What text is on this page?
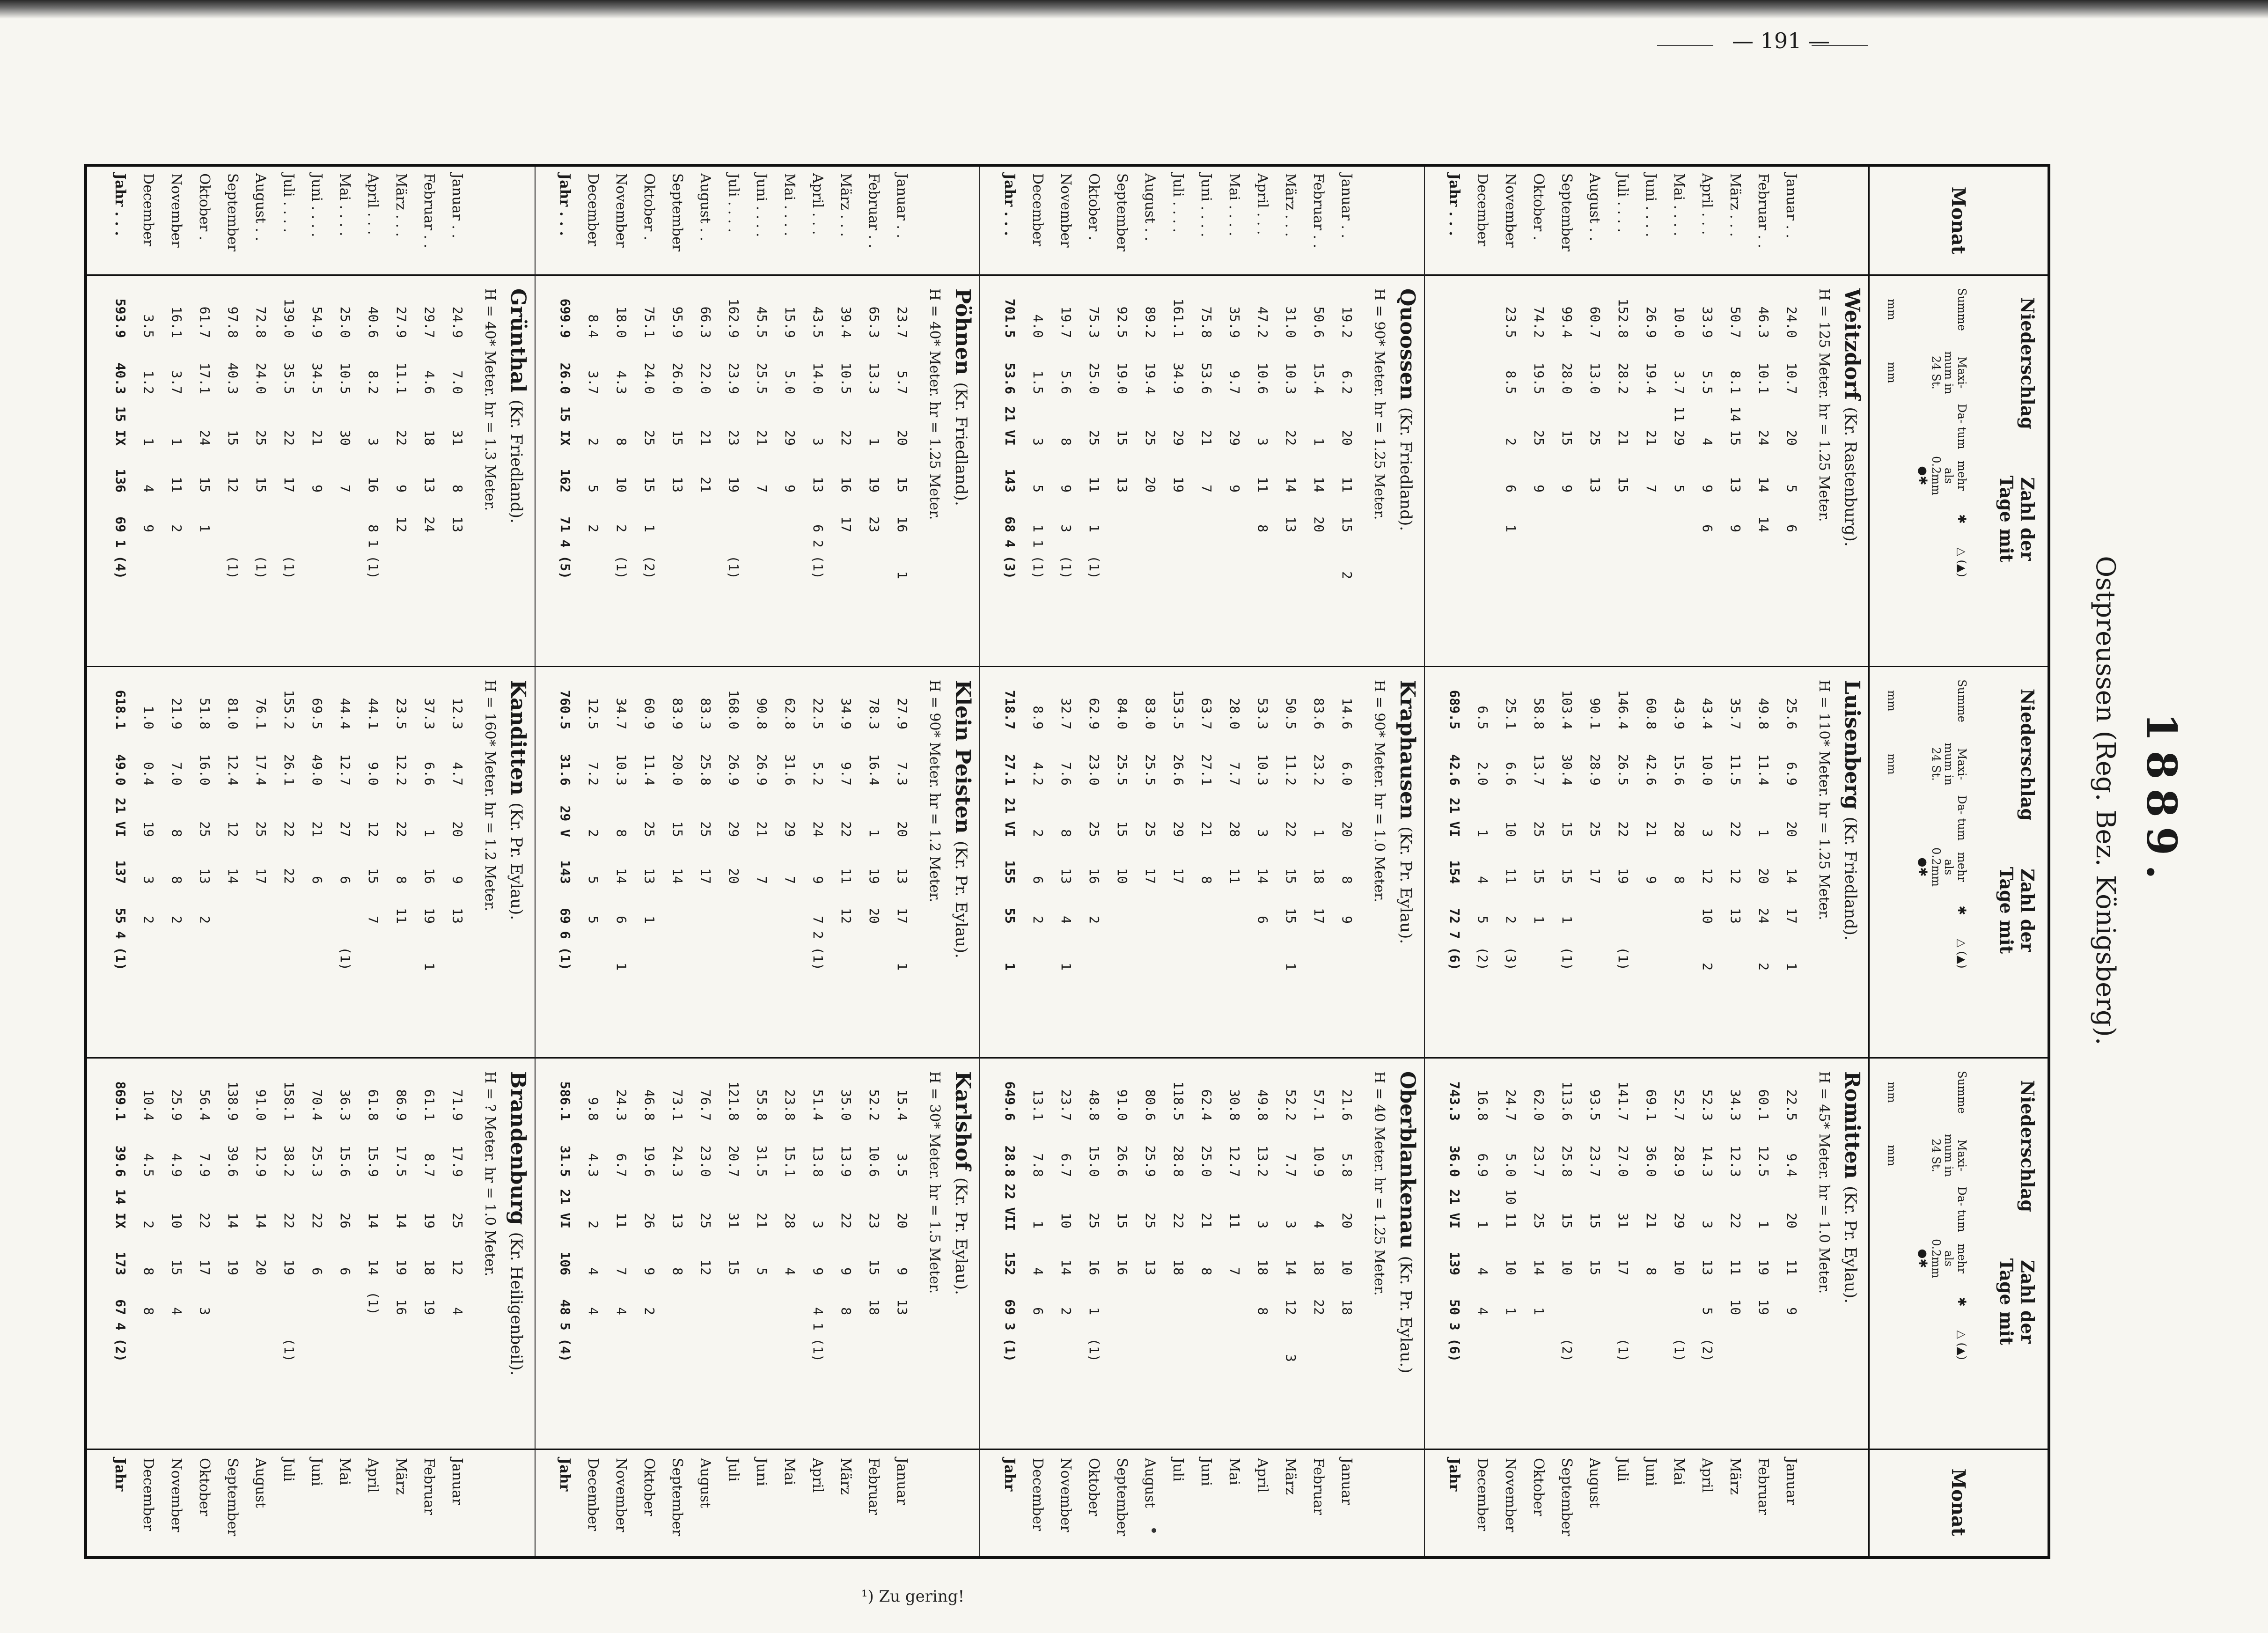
— 191 —
¹) Zu gering!
1889.
Ostpreussen (Reg. Bez. Königsberg).
Monat
Monat
Niederschlag
Zahl der Tage mit
Summe
mm
Maxi- mum in 24 St.
mm
Da- tum
mehr als 0.2mm ●✱
✱
△ (▲)
Niederschlag
Zahl der Tage mit
Summe
mm
Maxi- mum in 24 St.
mm
Da- tum
mehr als 0.2mm ●✱
✱
△ (▲)
Niederschlag
Zahl der Tage mit
Summe
mm
Maxi- mum in 24 St.
mm
Da- tum
mehr als 0.2mm ●✱
✱
△ (▲)
Januar . .
Januar
Februar . .
Februar
März . . .
März
April . . .
April
Mai . . . .
Mai
Juni . . . .
Juni
Juli . . . .
Juli
August . .
August
September
September
Oktober .
Oktober
November
November
December
December
Jahr . . .
Jahr
Januar . .
Januar
Februar . .
Februar
März . . .
März
April . . .
April
Mai . . . .
Mai
Juni . . . .
Juni
Juli . . . .
Juli
August . .
August
September
September
Oktober .
Oktober
November
November
December
December
Jahr . . .
Jahr
Januar . .
Januar
Februar . .
Februar
März . . .
März
April . . .
April
Mai . . . .
Mai
Juni . . . .
Juni
Juli . . . .
Juli
August . .
August
September
September
Oktober .
Oktober
November
November
December
December
Jahr . . .
Jahr
Januar . .
Januar
Februar . .
Februar
März . . .
März
April . . .
April
Mai . . . .
Mai
Juni . . . .
Juni
Juli . . . .
Juli
August . .
August
September
September
Oktober .
Oktober
November
November
December
December
Jahr . . .
Jahr
Weitzdorf (Kr. Rastenburg).
H = 125 Meter. hr = 1.25 Meter.
24.0
10.7
20
5
6
46.3
10.1
24
14
14
50.7
8.1
14 15
13
9
33.9
5.5
4
9
6
10.0
3.7
11 29
5
26.9
19.4
21
7
152.8
28.2
21
15
60.7
13.0
25
13
99.4
28.0
15
9
74.2
19.5
25
9
23.5
8.5
2
6
1
Luisenberg (Kr. Friedland).
H = 110* Meter. hr = 1.25 Meter.
25.6
6.9
20
14
17
1
49.8
11.4
1
20
24
2
35.7
11.5
22
12
13
43.4
10.0
3
12
10
2
43.9
15.6
28
8
60.8
42.6
21
9
146.4
26.5
22
19
(1)
90.1
28.9
25
17
103.4
30.4
15
15
1
(1)
58.8
13.7
25
15
1
25.1
6.6
10
11
2
(3)
6.5
2.0
1
4
5
(2)
689.5
42.6
21 VI
154
72
7 (6)
Romitten (Kr. Pr. Eylau).
H = 45* Meter. hr = 1.0 Meter.
22.5
9.4
20
11
9
60.1
12.5
1
19
19
34.3
12.3
22
11
10
52.3
14.3
3
13
5
(2)
52.7
28.9
29
10
(1)
69.1
36.0
21
8
141.7
27.0
31
17
(1)
93.5
23.7
15
15
113.6
25.8
15
10
(2)
62.0
23.7
25
14
1
24.7
5.0
10 11
10
1
16.8
6.9
1
4
4
743.3
36.0
21 VI
139
50
3 (6)
Quoossen (Kr. Friedland).
H = 90* Meter. hr = 1.25 Meter.
19.2
6.2
20
11
15
2
50.6
15.4
1
14
20
31.0
10.3
22
14
13
47.2
10.6
3
11
8
35.9
9.7
29
9
75.8
53.6
21
7
161.1
34.9
29
19
89.2
19.4
25
20
92.5
19.0
15
13
75.3
25.0
25
11
1
(1)
19.7
5.6
8
9
3
(1)
4.0
1.5
3
5
1
1 (1)
701.5
53.6
21 VI
143
68
4 (3)
Kraphausen (Kr. Pr. Eylau).
H = 90* Meter. hr = 1.0 Meter.
14.6
6.0
20
8
9
83.6
23.2
1
18
17
50.5
11.2
22
15
15
1
53.3
10.3
3
14
6
28.0
7.7
28
11
63.7
27.1
21
8
153.5
26.6
29
17
83.0
25.5
25
17
84.0
25.5
15
10
62.9
23.0
25
16
2
32.7
7.6
8
13
4
1
8.9
4.2
2
6
2
718.7
27.1
21 VI
155
55
1
Oberblankenau (Kr. Pr. Eylau.)
H = 40 Meter. hr = 1.25 Meter.
21.6
5.8
20
10
18
57.1
10.9
4
18
22
52.2
7.7
3
14
12
3
49.8
13.2
3
18
8
30.8
12.7
11
7
62.4
25.0
21
8
118.5
28.8
22
18
80.6
25.9
25
13
91.0
26.6
15
16
48.8
15.0
25
16
1
(1)
23.7
6.7
10
14
2
13.1
7.8
1
4
6
649.6
28.8
22 VII
152
69
3 (1)
Pöhnen (Kr. Friedland).
H = 40* Meter. hr = 1.25 Meter.
23.7
5.7
20
15
16
1
65.3
13.3
1
19
23
39.4
10.5
22
16
17
43.5
14.0
3
13
6
2 (1)
15.9
5.0
29
9
45.5
25.5
21
7
162.9
23.9
23
19
(1)
66.3
22.0
21
21
95.9
26.0
15
13
75.1
24.0
25
15
1
(2)
18.0
4.3
8
10
2
(1)
8.4
3.7
2
5
2
699.9
26.0
15 IX
162
71
4 (5)
Klein Peisten (Kr. Pr. Eylau).
H = 90* Meter. hr = 1.2 Meter.
27.9
7.3
20
13
17
1
78.3
16.4
1
19
20
34.9
9.7
22
11
12
22.5
5.2
24
9
7
2 (1)
62.8
31.6
29
7
90.8
26.9
21
7
168.0
26.9
29
20
83.3
25.8
25
17
83.9
20.0
15
14
60.9
11.4
25
13
1
34.7
10.3
8
14
6
1
12.5
7.2
2
5
5
760.5
31.6
29 V
143
69
6 (1)
Karlshof (Kr. Pr. Eylau).
H = 30* Meter. hr = 1.5 Meter.
15.4
3.5
20
9
13
52.2
10.6
23
15
18
35.0
13.9
22
9
8
51.4
13.8
3
9
4
1 (1)
23.8
15.1
28
4
55.8
31.5
21
5
121.8
20.7
31
15
76.7
23.0
25
12
73.1
24.3
13
8
46.8
19.6
26
9
2
24.3
6.7
11
7
4
9.8
4.3
2
4
4
586.1
31.5
21 VI
106
48
5 (4)
Grünthal (Kr. Friedland).
H = 40* Meter. hr = 1.3 Meter.
24.9
7.0
31
8
13
29.7
4.6
18
13
24
27.9
11.1
22
9
12
40.6
8.2
3
16
8
1 (1)
25.0
10.5
30
7
54.9
34.5
21
9
139.0
35.5
22
17
(1)
72.8
24.0
25
15
(1)
97.8
40.3
15
12
(1)
61.7
17.1
24
15
1
16.1
3.7
1
11
2
3.5
1.2
1
4
9
593.9
40.3
15 IX
136
69
1 (4)
Kanditten (Kr. Pr. Eylau).
H = 160* Meter. hr = 1.2 Meter.
12.3
4.7
20
9
13
37.3
6.6
1
16
19
1
23.5
12.2
22
8
11
44.1
9.0
12
15
7
44.4
12.7
27
6
(1)
69.5
49.0
21
6
155.2
26.1
22
22
76.1
17.4
25
17
81.0
12.4
12
14
51.8
16.0
25
13
2
21.9
7.0
8
8
2
1.0
0.4
19
3
2
618.1
49.0
21 VI
137
55
4 (1)
Brandenburg (Kr. Heiligenbeil).
H = ? Meter. hr = 1.0 Meter.
71.9
17.9
25
12
4
61.1
8.7
19
18
19
86.9
17.5
14
19
16
61.8
15.9
14
14
(1)
36.3
15.6
26
6
70.4
25.3
22
6
158.1
38.2
22
19
(1)
91.0
12.9
14
20
138.9
39.6
14
19
56.4
7.9
22
17
3
25.9
4.9
10
15
4
10.4
4.5
2
8
8
869.1
39.6
14 IX
173
67
4 (2)
